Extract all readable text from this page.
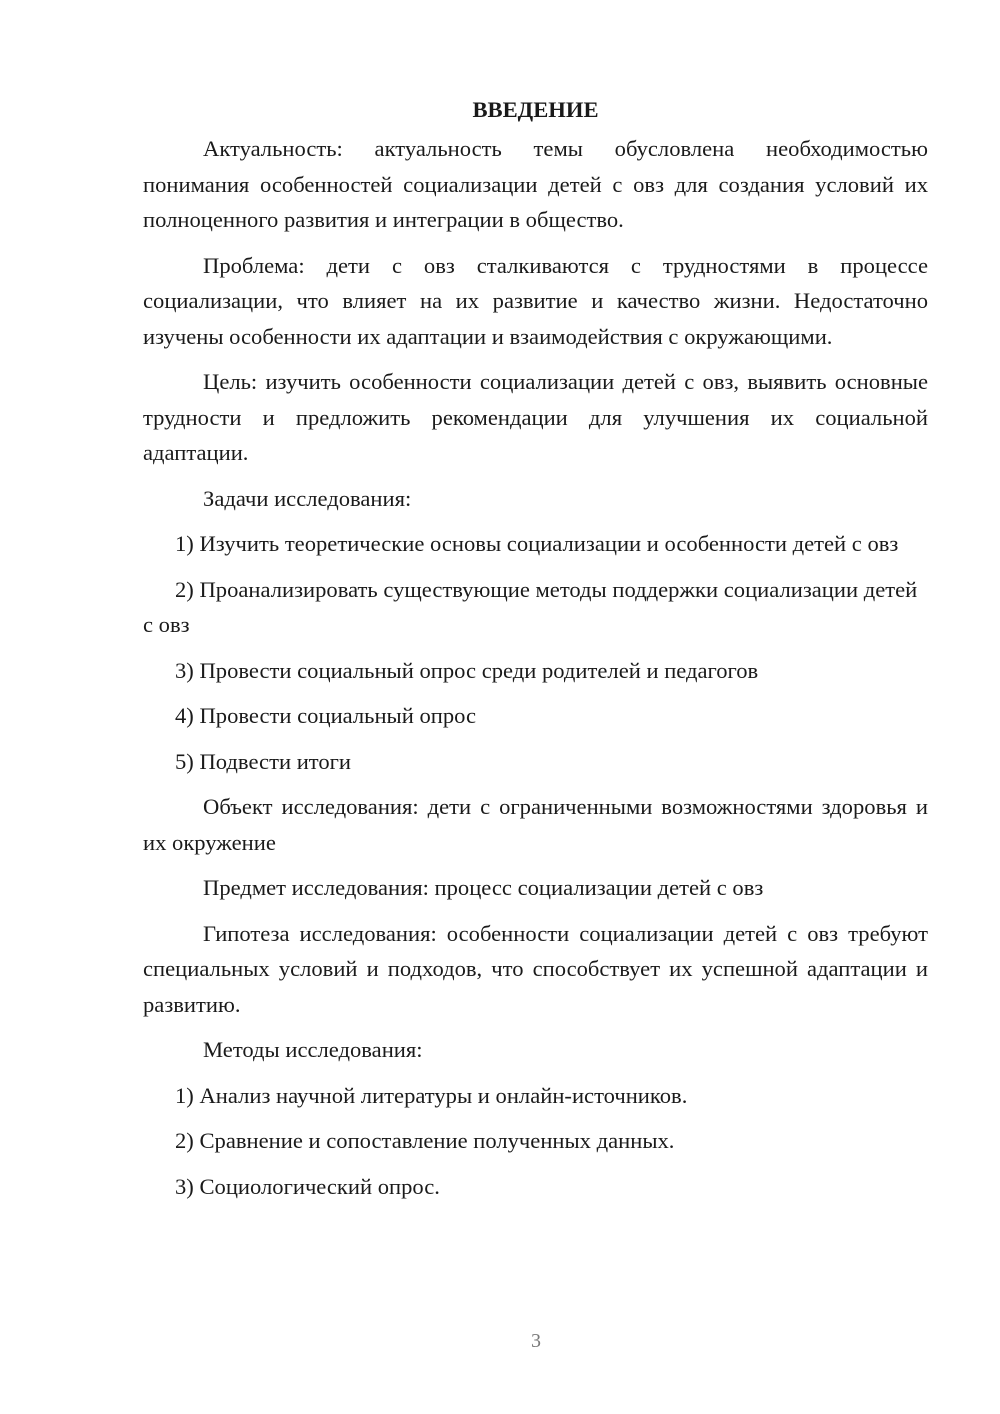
ВВЕДЕНИЕ

Актуальность: актуальность темы обусловлена необходимостью понимания особенностей социализации детей с овз для создания условий их полноценного развития и интеграции в общество.

Проблема: дети с овз сталкиваются с трудностями в процессе социализации, что влияет на их развитие и качество жизни. Недостаточно изучены особенности их адаптации и взаимодействия с окружающими.

Цель: изучить особенности социализации детей с овз, выявить основные трудности и предложить рекомендации для улучшения их социальной адаптации.

Задачи исследования:

1) Изучить теоретические основы социализации и особенности детей с овз

2) Проанализировать существующие методы поддержки социализации детей с овз

3) Провести социальный опрос среди родителей и педагогов

4) Провести социальный опрос

5) Подвести итоги

Объект исследования: дети с ограниченными возможностями здоровья и их окружение

Предмет исследования: процесс социализации детей с овз

Гипотеза исследования: особенности социализации детей с овз требуют специальных условий и подходов, что способствует их успешной адаптации и развитию.

Методы исследования:

1) Анализ научной литературы и онлайн-источников.

2) Сравнение и сопоставление полученных данных.

3) Социологический опрос.

3
